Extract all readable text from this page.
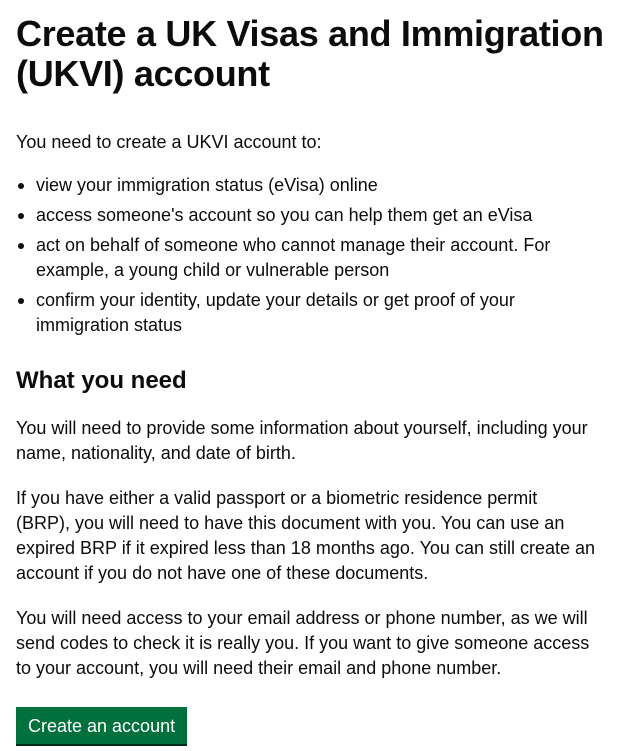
Create a UK Visas and Immigration (UKVI) account

You need to create a UKVI account to:

view your immigration status (eVisa) online
access someone's account so you can help them get an eVisa
act on behalf of someone who cannot manage their account. For example, a young child or vulnerable person
confirm your identity, update your details or get proof of your immigration status
What you need

You will need to provide some information about yourself, including your name, nationality, and date of birth.

If you have either a valid passport or a biometric residence permit (BRP), you will need to have this document with you. You can use an expired BRP if it expired less than 18 months ago. You can still create an account if you do not have one of these documents.

You will need access to your email address or phone number, as we will send codes to check it is really you. If you want to give someone access to your account, you will need their email and phone number.

Create an account
